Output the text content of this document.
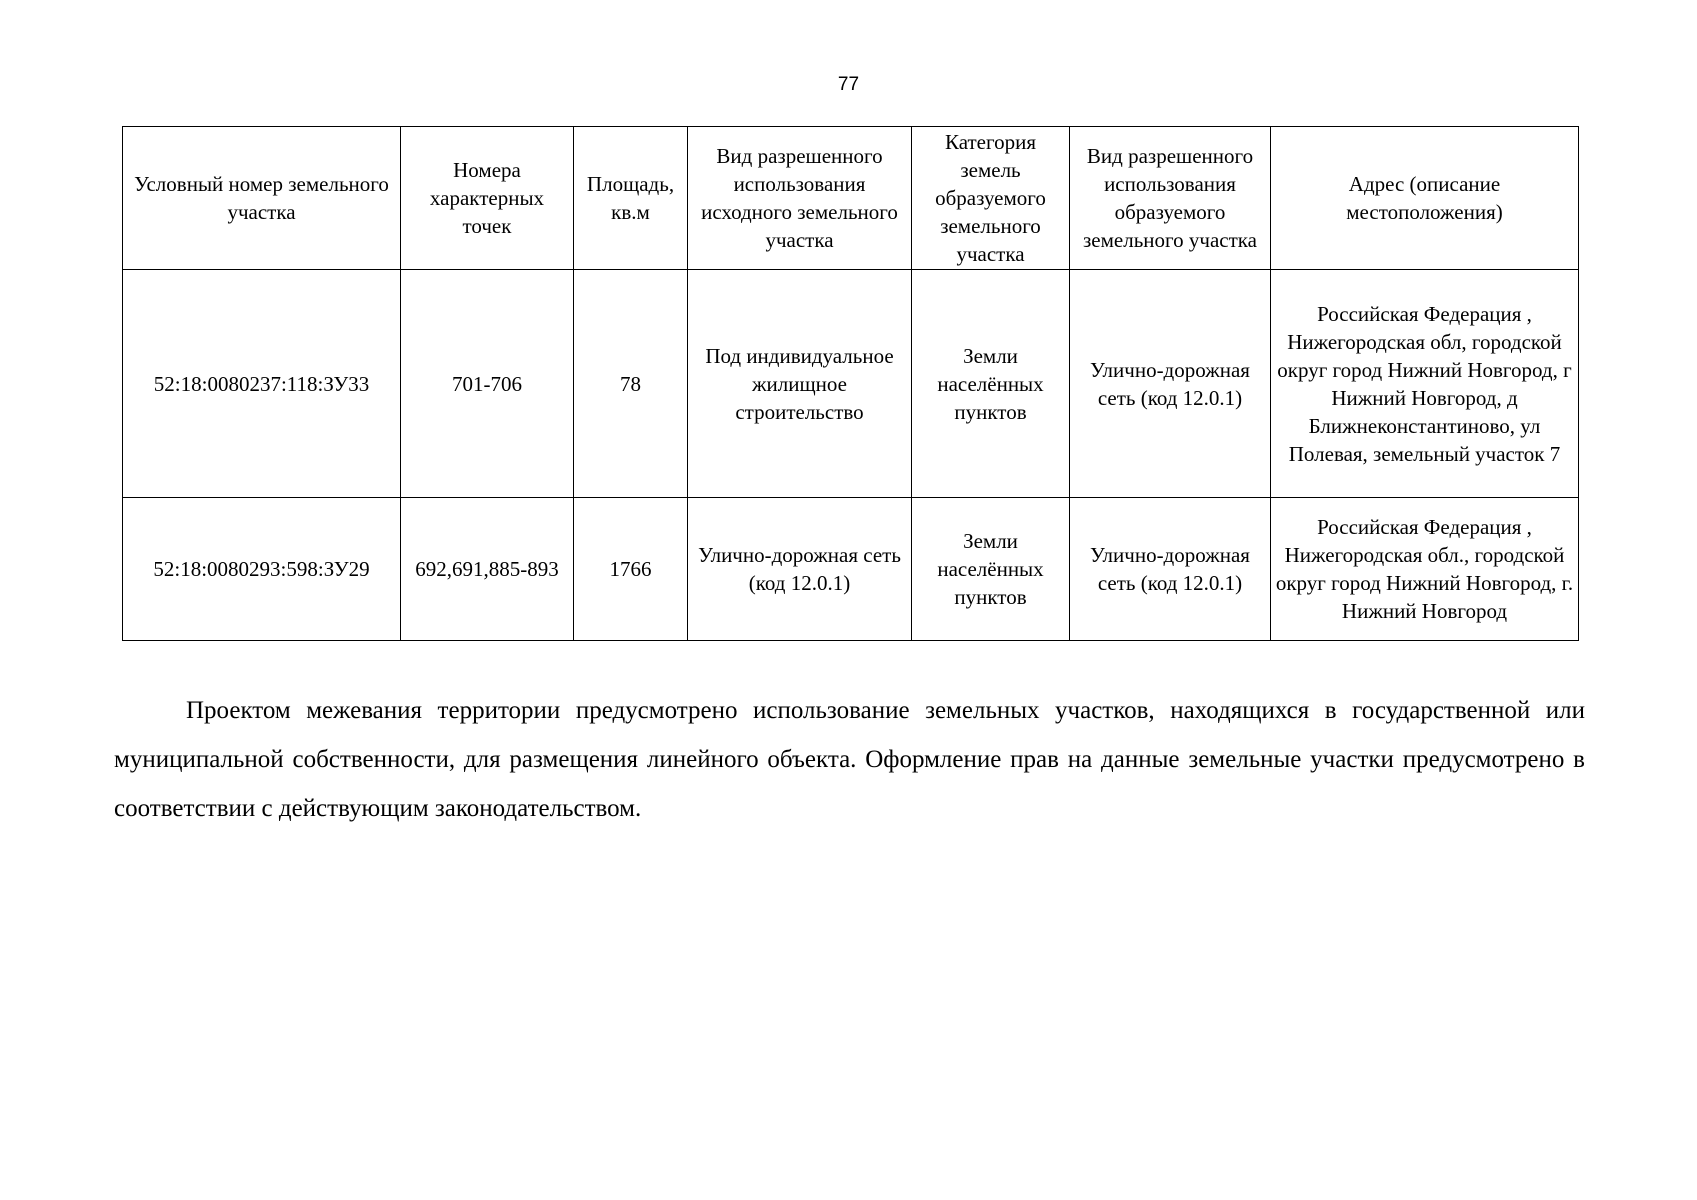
77
Условный номер земельного участка	Номера характерных точек	Площадь, кв.м	Вид разрешенного использования исходного земельного участка	Категория земель образуемого земельного участка	Вид разрешенного использования образуемого земельного участка	Адрес (описание местоположения)
52:18:0080237:118:ЗУ33	701-706	78	Под индивидуальное жилищное строительство	Земли населённых пунктов	Улично-дорожная сеть (код 12.0.1)	Российская Федерация , Нижегородская обл, городской округ город Нижний Новгород, г Нижний Новгород, д Ближнеконстантиново, ул Полевая, земельный участок 7
52:18:0080293:598:ЗУ29	692,691,885-893	1766	Улично-дорожная сеть (код 12.0.1)	Земли населённых пунктов	Улично-дорожная сеть (код 12.0.1)	Российская Федерация , Нижегородская обл., городской округ город Нижний Новгород, г. Нижний Новгород

Проектом межевания территории предусмотрено использование земельных участков, находящихся в государственной или муниципальной собственности, для размещения линейного объекта. Оформление прав на данные земельные участки предусмотрено в соответствии с действующим законодательством.
